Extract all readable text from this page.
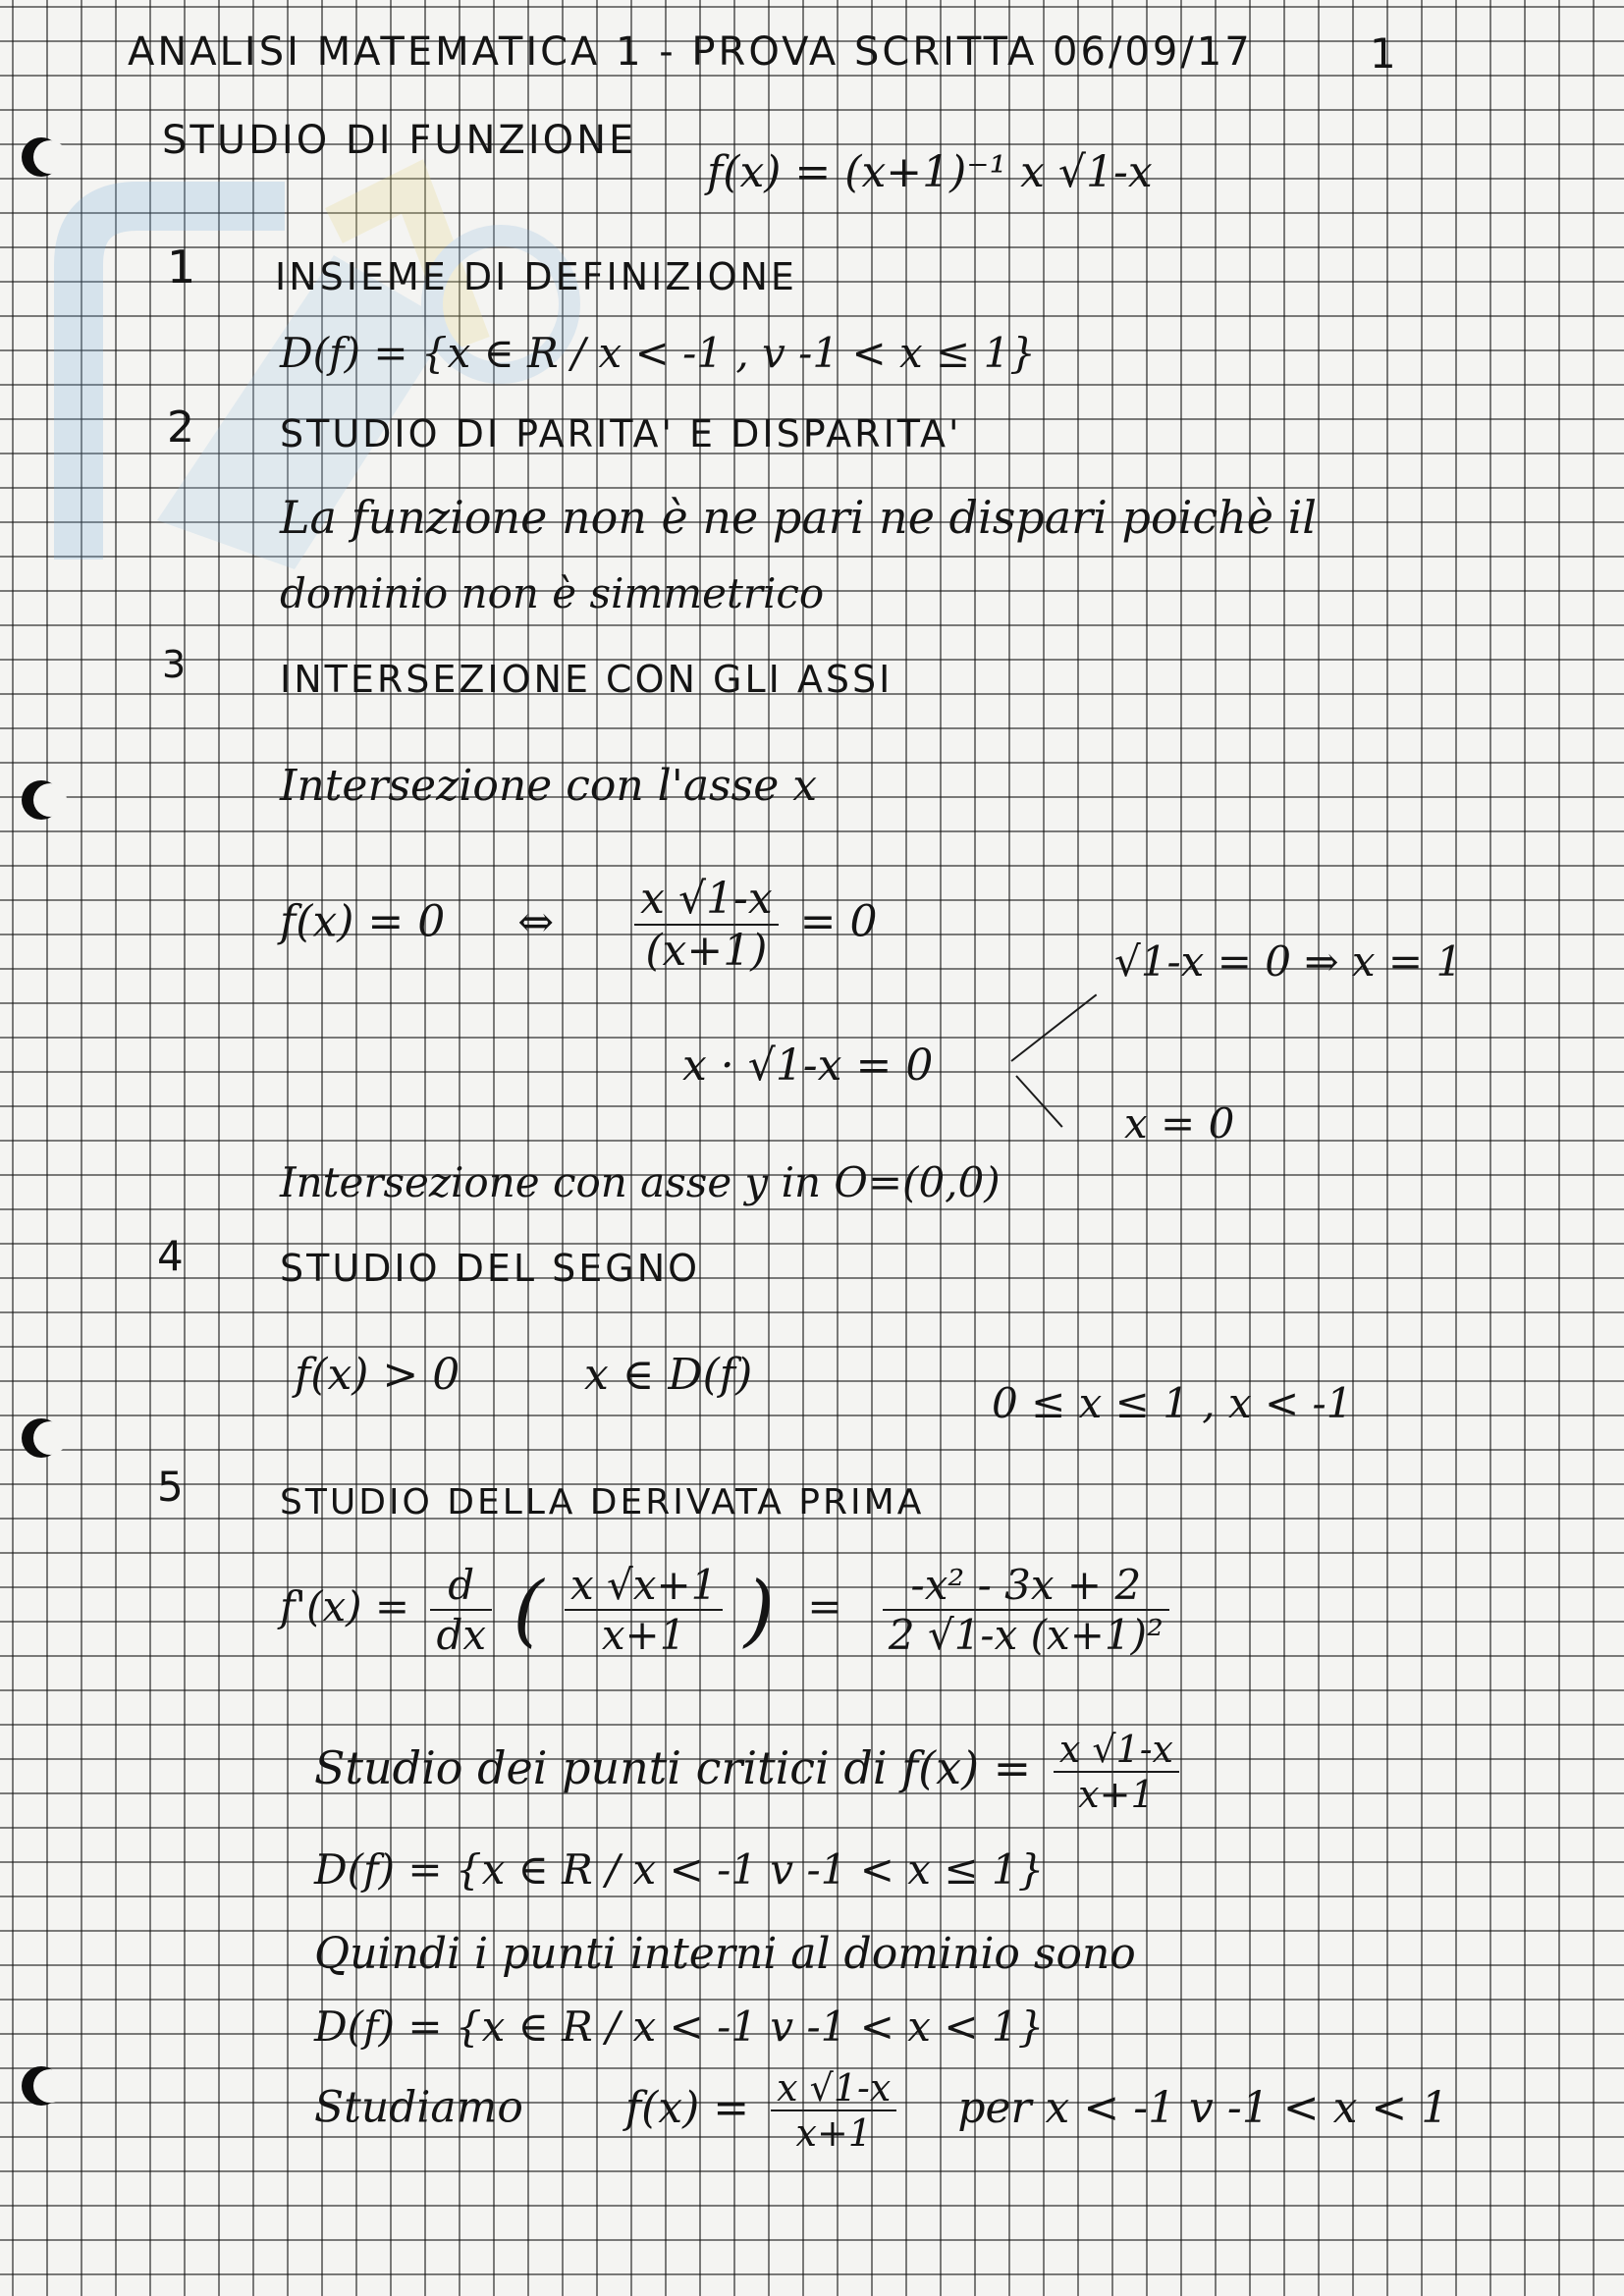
ANALISI MATEMATICA 1 - PROVA SCRITTA 06/09/17	1
STUDIO DI FUNZIONE
f(x) = (x+1)⁻¹ x √1-x
1 INSIEME DI DEFINIZIONE
D(f) = {x ∈ R / x < -1 , v -1 < x ≤ 1}
2 STUDIO DI PARITA' E DISPARITA'
La funzione non è ne pari ne dispari poichè il
dominio non è simmetrico
3	INTERSEZIONE CON GLI ASSI
Intersezione con l'asse x
f(x) = 0 ⇔ $\frac{x √1-x}{(x+1)} = 0$
√1-x = 0 ⇒ x = 1
x · √1-x = 0
x = 0
Intersezione con asse y in O=(0,0)
4	STUDIO DEL SEGNO
f(x) > 0	x ∈ D(f)
0 ≤ x ≤ 1 , x < -1
5	STUDIO DELLA DERIVATA PRIMA
$f'(x) = \frac{d}{dx}$ ( $\frac{x √x+1}{x+1}$ ) = $\frac{\text{-x² - 3x + 2}}{\text{2 √1-x (x+1)²}}$
Studio dei punti critici di $f(x) = \frac{x √1-x}{x+1}$
D(f) = {x ∈ R / x < -1 v -1 < x ≤ 1}
Quindi i punti interni al dominio sono
D(f) = {x ∈ R / x < -1 v -1 < x < 1}
Studiamo $f(x) = \frac{x √1-x}{x+1}$ per x < -1 v -1 < x < 1
